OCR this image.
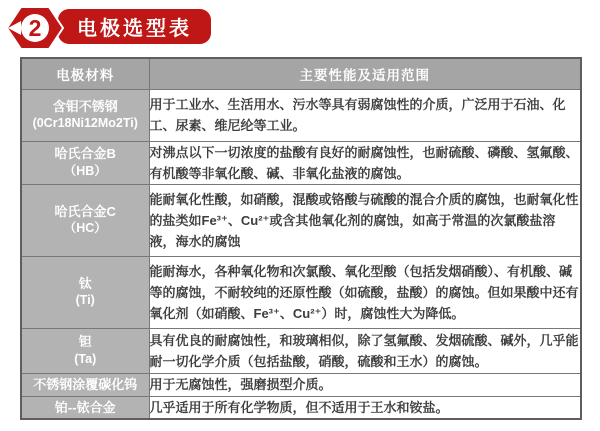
2 电极选型表
电极材料	主要性能及适用范围

含钼不锈钢
(0Cr18Ni12Mo2Ti)	用于工业水、生活用水、污水等具有弱腐蚀性的介质，广泛用于石油、化工、尿素、维尼纶等工业。

哈氏合金B
（HB）	对沸点以下一切浓度的盐酸有良好的耐腐蚀性，也耐硫酸、磷酸、氢氟酸、有机酸等非氧化酸、碱、非氧化盐液的腐蚀。

哈氏合金C
（HC）	能耐氧化性酸，如硝酸，混酸或铬酸与硫酸的混合介质的腐蚀，也耐氧化性的盐类如Fe³⁺、Cu²⁺或含其他氧化剂的腐蚀，如高于常温的次氯酸盐溶液，海水的腐蚀

钛
(Ti)	能耐海水，各种氧化物和次氯酸、氧化型酸（包括发烟硝酸）、有机酸、碱等的腐蚀，不耐较纯的还原性酸（如硫酸，盐酸）的腐蚀。但如果酸中还有氧化剂（如硝酸、Fe³⁺、Cu²⁺）时，腐蚀性大为降低。

钽
(Ta)	具有优良的耐腐蚀性，和玻璃相似，除了氢氟酸、发烟硫酸、碱外，几乎能耐一切化学介质（包括盐酸，硝酸，硫酸和王水）的腐蚀。

不锈钢涂覆碳化钨	用于无腐蚀性，强磨损型介质。

铂--铱合金	几乎适用于所有化学物质，但不适用于王水和铵盐。
